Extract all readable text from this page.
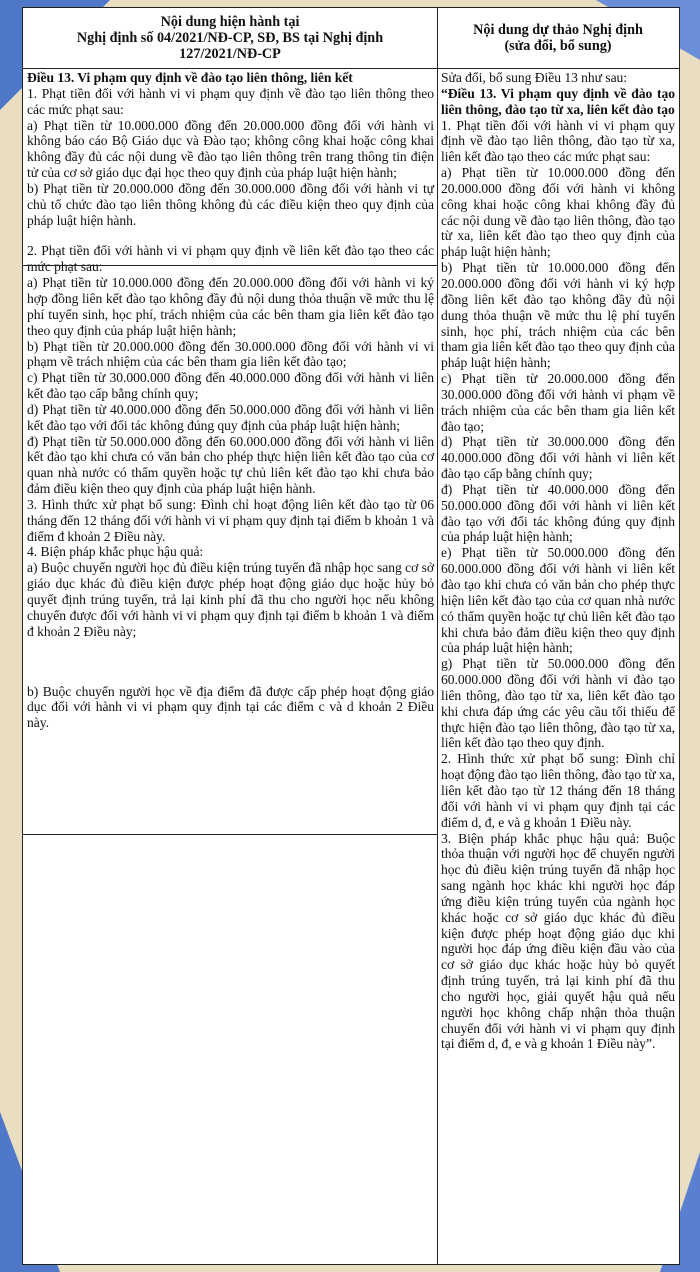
Nội dung hiện hành tại
Nghị định số 04/2021/NĐ-CP, SĐ, BS tại Nghị định
127/2021/NĐ-CP

Điều 13. Vi phạm quy định về đào tạo liên thông, liên kết

1. Phạt tiền đối với hành vi vi phạm quy định về đào tạo liên thông theo các mức phạt sau:

a) Phạt tiền từ 10.000.000 đồng đến 20.000.000 đồng đối với hành vi không báo cáo Bộ Giáo dục và Đào tạo; không công khai hoặc công khai không đầy đủ các nội dung về đào tạo liên thông trên trang thông tin điện tử của cơ sở giáo dục đại học theo quy định của pháp luật hiện hành;

b) Phạt tiền từ 20.000.000 đồng đến 30.000.000 đồng đối với hành vi tự chủ tổ chức đào tạo liên thông không đủ các điều kiện theo quy định của pháp luật hiện hành.

2. Phạt tiền đối với hành vi vi phạm quy định về liên kết đào tạo theo các mức phạt sau:

a) Phạt tiền từ 10.000.000 đồng đến 20.000.000 đồng đối với hành vi ký hợp đồng liên kết đào tạo không đầy đủ nội dung thỏa thuận về mức thu lệ phí tuyển sinh, học phí, trách nhiệm của các bên tham gia liên kết đào tạo theo quy định của pháp luật hiện hành;

b) Phạt tiền từ 20.000.000 đồng đến 30.000.000 đồng đối với hành vi vi phạm về trách nhiệm của các bên tham gia liên kết đào tạo;

c) Phạt tiền từ 30.000.000 đồng đến 40.000.000 đồng đối với hành vi liên kết đào tạo cấp bằng chính quy;

d) Phạt tiền từ 40.000.000 đồng đến 50.000.000 đồng đối với hành vi liên kết đào tạo với đối tác không đúng quy định của pháp luật hiện hành;

đ) Phạt tiền từ 50.000.000 đồng đến 60.000.000 đồng đối với hành vi liên kết đào tạo khi chưa có văn bản cho phép thực hiện liên kết đào tạo của cơ quan nhà nước có thẩm quyền hoặc tự chủ liên kết đào tạo khi chưa bảo đảm điều kiện theo quy định của pháp luật hiện hành.

3. Hình thức xử phạt bổ sung: Đình chỉ hoạt động liên kết đào tạo từ 06 tháng đến 12 tháng đối với hành vi vi phạm quy định tại điểm b khoản 1 và điểm đ khoản 2 Điều này.

4. Biện pháp khắc phục hậu quả:

a) Buộc chuyển người học đủ điều kiện trúng tuyển đã nhập học sang cơ sở giáo dục khác đủ điều kiện được phép hoạt động giáo dục hoặc hủy bỏ quyết định trúng tuyển, trả lại kinh phí đã thu cho người học nếu không chuyển được đối với hành vi vi phạm quy định tại điểm b khoản 1 và điểm đ khoản 2 Điều này;

b) Buộc chuyển người học về địa điểm đã được cấp phép hoạt động giáo dục đối với hành vi vi phạm quy định tại các điểm c và d khoản 2 Điều này.

Nội dung dự thảo Nghị định
(sửa đổi, bổ sung)

Sửa đổi, bổ sung Điều 13 như sau:

“Điều 13. Vi phạm quy định về đào tạo liên thông, đào tạo từ xa, liên kết đào tạo

1. Phạt tiền đối với hành vi vi phạm quy định về đào tạo liên thông, đào tạo từ xa, liên kết đào tạo theo các mức phạt sau:

a) Phạt tiền từ 10.000.000 đồng đến 20.000.000 đồng đối với hành vi không công khai hoặc công khai không đầy đủ các nội dung về đào tạo liên thông, đào tạo từ xa, liên kết đào tạo theo quy định của pháp luật hiện hành;

b) Phạt tiền từ 10.000.000 đồng đến 20.000.000 đồng đối với hành vi ký hợp đồng liên kết đào tạo không đầy đủ nội dung thỏa thuận về mức thu lệ phí tuyển sinh, học phí, trách nhiệm của các bên tham gia liên kết đào tạo theo quy định của pháp luật hiện hành;

c) Phạt tiền từ 20.000.000 đồng đến 30.000.000 đồng đối với hành vi phạm về trách nhiệm của các bên tham gia liên kết đào tạo;

d) Phạt tiền từ 30.000.000 đồng đến 40.000.000 đồng đối với hành vi liên kết đào tạo cấp bằng chính quy;

đ) Phạt tiền từ 40.000.000 đồng đến 50.000.000 đồng đối với hành vi liên kết đào tạo với đối tác không đúng quy định của pháp luật hiện hành;

e) Phạt tiền từ 50.000.000 đồng đến 60.000.000 đồng đối với hành vi liên kết đào tạo khi chưa có văn bản cho phép thực hiện liên kết đào tạo của cơ quan nhà nước có thẩm quyền hoặc tự chủ liên kết đào tạo khi chưa bảo đảm điều kiện theo quy định của pháp luật hiện hành;

g) Phạt tiền từ 50.000.000 đồng đến 60.000.000 đồng đối với hành vi đào tạo liên thông, đào tạo từ xa, liên kết đào tạo khi chưa đáp ứng các yêu cầu tối thiểu để thực hiện đào tạo liên thông, đào tạo từ xa, liên kết đào tạo theo quy định.

2. Hình thức xử phạt bổ sung: Đình chỉ hoạt động đào tạo liên thông, đào tạo từ xa, liên kết đào tạo từ 12 tháng đến 18 tháng đối với hành vi vi phạm quy định tại các điểm d, đ, e và g khoản 1 Điều này.

3. Biện pháp khắc phục hậu quả: Buộc thỏa thuận với người học để chuyển người học đủ điều kiện trúng tuyển đã nhập học sang ngành học khác khi người học đáp ứng điều kiện trúng tuyển của ngành học khác hoặc cơ sở giáo dục khác đủ điều kiện được phép hoạt động giáo dục khi người học đáp ứng điều kiện đầu vào của cơ sở giáo dục khác hoặc hủy bỏ quyết định trúng tuyển, trả lại kinh phí đã thu cho người học, giải quyết hậu quả nếu người học không chấp nhận thỏa thuận chuyển đổi với hành vi vi phạm quy định tại điểm d, đ, e và g khoản 1 Điều này”.
